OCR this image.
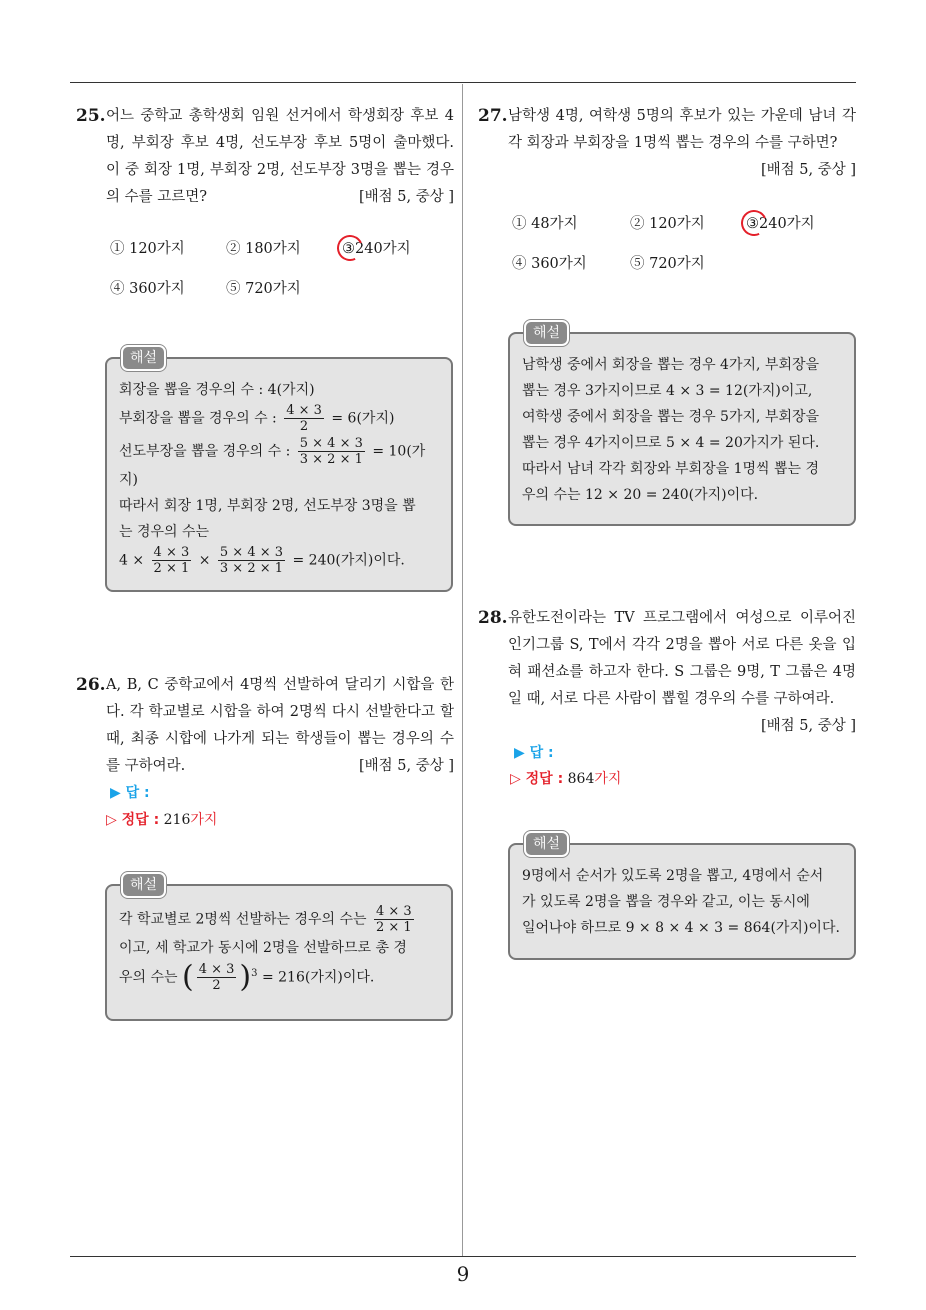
25. 어느 중학교 총학생회 임원 선거에서 학생회장 후보 4명, 부회장 후보 4명, 선도부장 후보 5명이 출마했다. 이 중 회장 1명, 부회장 2명, 선도부장 3명을 뽑는 경우의 수를 고르면?	[배점 5, 중상 ]
① 120가지	② 180가지	③240가지
④ 360가지	⑤ 720가지
해설
회장을 뽑을 경우의 수 : 4(가지)
부회장을 뽑을 경우의 수 : $\frac{4 \times 3}{2} = 6$(가지)
선도부장을 뽑을 경우의 수 : $\frac{5 \times 4 \times 3}{3 \times 2 \times 1} = 10$(가
지)
따라서 회장 1명, 부회장 2명, 선도부장 3명을 뽑
는 경우의 수는
$4 \times \frac{4 \times 3}{2 \times 1} \times \frac{5 \times 4 \times 3}{3 \times 2 \times 1} = 240$(가지)이다.
26. A, B, C 중학교에서 4명씩 선발하여 달리기 시합을 한다. 각 학교별로 시합을 하여 2명씩 다시 선발한다고 할 때, 최종 시합에 나가게 되는 학생들이 뽑는 경우의 수를 구하여라.	[배점 5, 중상 ]
▶ 답 :
▷ 정답 : 216가지
해설
각 학교별로 2명씩 선발하는 경우의 수는 $\frac{4 \times 3}{2 \times 1}$
이고, 세 학교가 동시에 2명을 선발하므로 총 경
우의 수는 ( $\frac{4 \times 3}{2} )^3 = 216$(가지)이다.
27. 남학생 4명, 여학생 5명의 후보가 있는 가운데 남녀 각각 회장과 부회장을 1명씩 뽑는 경우의 수를 구하면?
[배점 5, 중상 ]
① 48가지	② 120가지	③240가지
④ 360가지	⑤ 720가지
해설
남학생 중에서 회장을 뽑는 경우 4가지, 부회장을
뽑는 경우 3가지이므로 4 × 3 = 12(가지)이고,
여학생 중에서 회장을 뽑는 경우 5가지, 부회장을
뽑는 경우 4가지이므로 5 × 4 = 20가지가 된다.
따라서 남녀 각각 회장와 부회장을 1명씩 뽑는 경
우의 수는 12 × 20 = 240(가지)이다.
28. 유한도전이라는 TV 프로그램에서 여성으로 이루어진 인기그룹 S, T에서 각각 2명을 뽑아 서로 다른 옷을 입혀 패션쇼를 하고자 한다. S 그룹은 9명, T 그룹은 4명일 때, 서로 다른 사람이 뽑힐 경우의 수를 구하여라.
[배점 5, 중상 ]
▶ 답 :
▷ 정답 : 864가지
해설
9명에서 순서가 있도록 2명을 뽑고, 4명에서 순서
가 있도록 2명을 뽑을 경우와 같고, 이는 동시에
일어나야 하므로 9 × 8 × 4 × 3 = 864(가지)이다.
9
